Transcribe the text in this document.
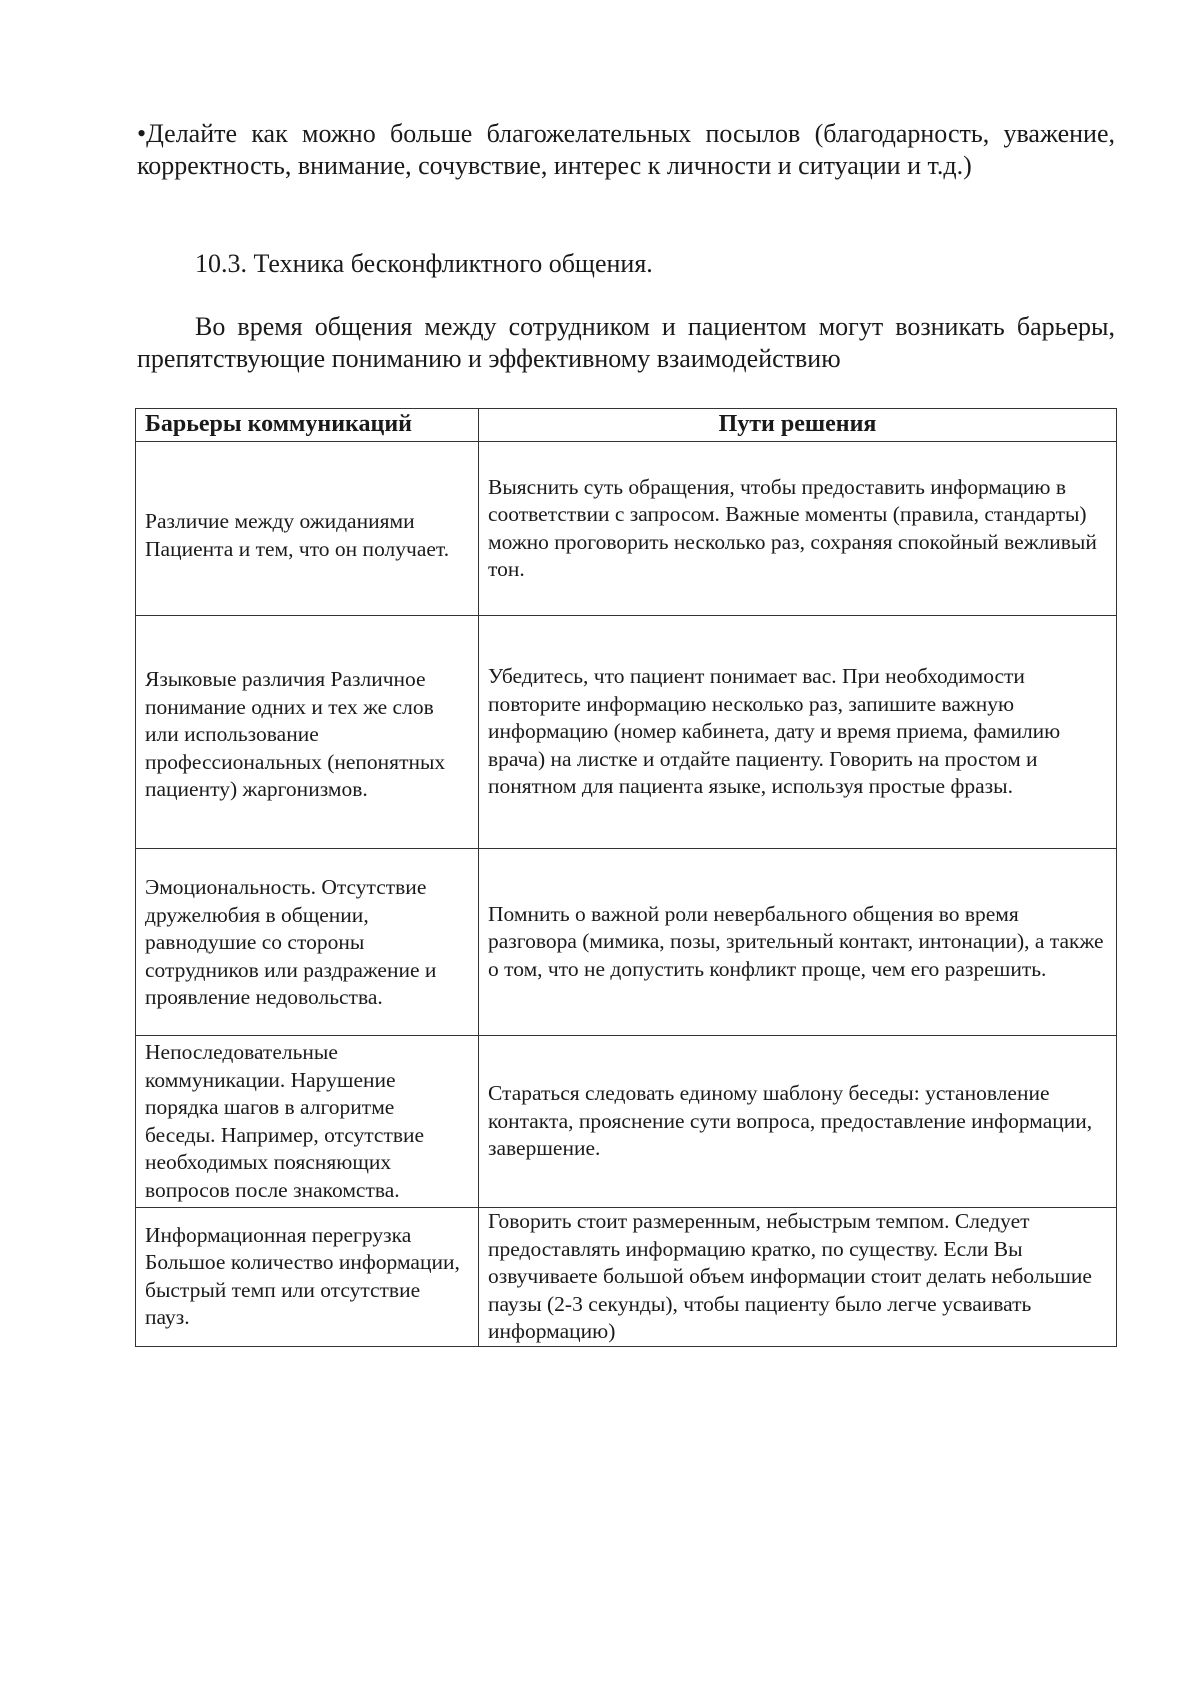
•Делайте как можно больше благожелательных посылов (благодарность, уважение, корректность, внимание, сочувствие, интерес к личности и ситуации и т.д.)

10.3. Техника бесконфликтного общения.

Во время общения между сотрудником и пациентом могут возникать барьеры, препятствующие пониманию и эффективному взаимодействию

Барьеры коммуникаций	Пути решения

Различие между ожиданиями Пациента и тем, что он получает.	Выяснить суть обращения, чтобы предоставить информацию в соответствии с запросом. Важные моменты (правила, стандарты) можно проговорить несколько раз, сохраняя спокойный вежливый тон.

Языковые различия Различное понимание одних и тех же слов или использование профессиональных (непонятных пациенту) жаргонизмов.	Убедитесь, что пациент понимает вас. При необходимости повторите информацию несколько раз, запишите важную информацию (номер кабинета, дату и время приема, фамилию врача) на листке и отдайте пациенту. Говорить на простом и понятном для пациента языке, используя простые фразы.

Эмоциональность. Отсутствие дружелюбия в общении, равнодушие со стороны сотрудников или раздражение и проявление недовольства.	Помнить о важной роли невербального общения во время разговора (мимика, позы, зрительный контакт, интонации), а также о том, что не допустить конфликт проще, чем его разрешить.

Непоследовательные коммуникации. Нарушение порядка шагов в алгоритме беседы. Например, отсутствие необходимых поясняющих вопросов после знакомства.	Стараться следовать единому шаблону беседы: установление контакта, прояснение сути вопроса, предоставление информации, завершение.

Информационная перегрузка Большое количество информации, быстрый темп или отсутствие пауз.	Говорить стоит размеренным, небыстрым темпом. Следует предоставлять информацию кратко, по существу. Если Вы озвучиваете большой объем информации стоит делать небольшие паузы (2-3 секунды), чтобы пациенту было легче усваивать информацию)
